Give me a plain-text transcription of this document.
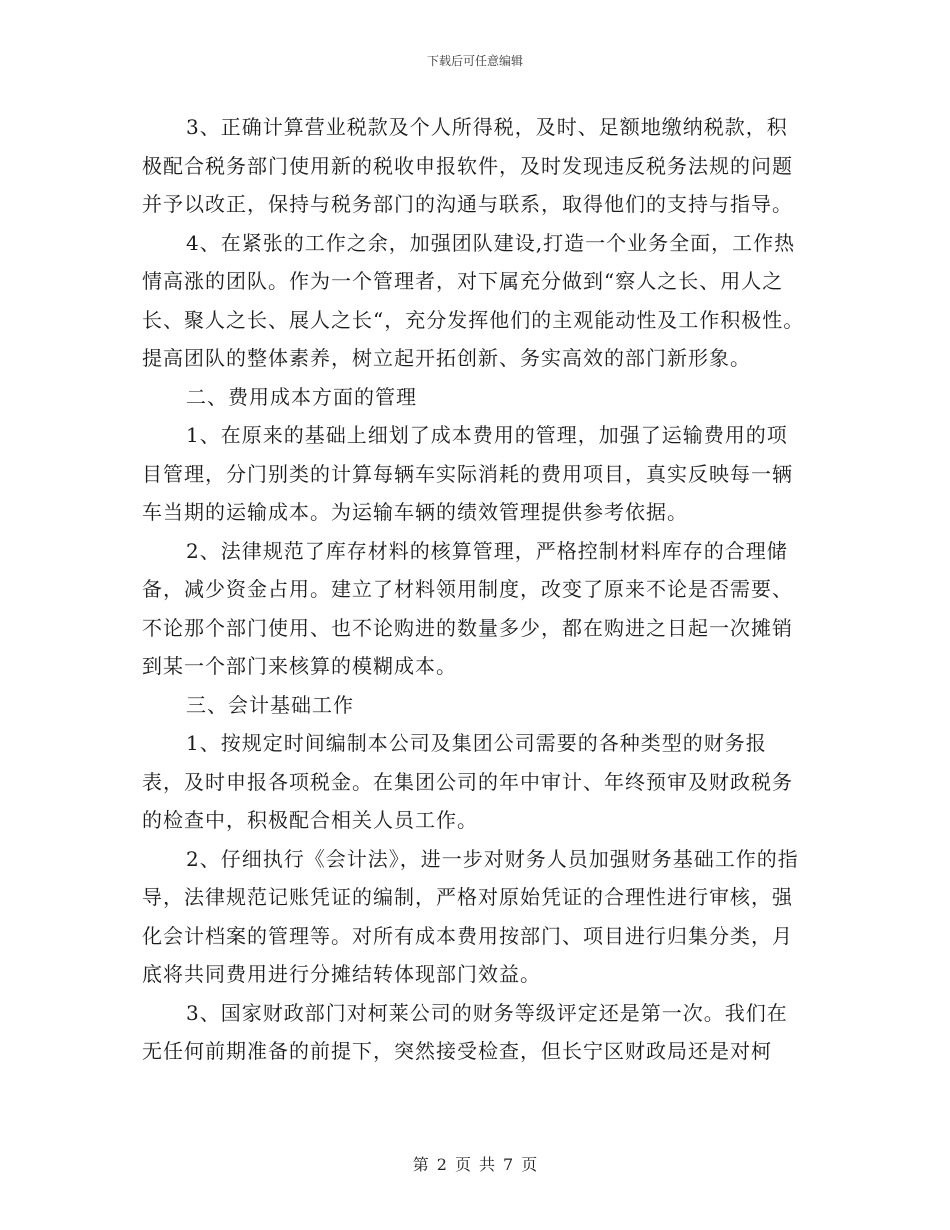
下载后可任意编辑

3、正确计算营业税款及个人所得税，及时、足额地缴纳税款，积极配合税务部门使用新的税收申报软件，及时发现违反税务法规的问题并予以改正，保持与税务部门的沟通与联系，取得他们的支持与指导。

4、在紧张的工作之余，加强团队建设,打造一个业务全面，工作热情高涨的团队。作为一个管理者，对下属充分做到“察人之长、用人之长、聚人之长、展人之长“，充分发挥他们的主观能动性及工作积极性。提高团队的整体素养，树立起开拓创新、务实高效的部门新形象。

二、费用成本方面的管理

1、在原来的基础上细划了成本费用的管理，加强了运输费用的项目管理，分门别类的计算每辆车实际消耗的费用项目，真实反映每一辆车当期的运输成本。为运输车辆的绩效管理提供参考依据。

2、法律规范了库存材料的核算管理，严格控制材料库存的合理储备，减少资金占用。建立了材料领用制度，改变了原来不论是否需要、不论那个部门使用、也不论购进的数量多少，都在购进之日起一次摊销到某一个部门来核算的模糊成本。

三、会计基础工作

1、按规定时间编制本公司及集团公司需要的各种类型的财务报表，及时申报各项税金。在集团公司的年中审计、年终预审及财政税务的检查中，积极配合相关人员工作。

2、仔细执行《会计法》，进一步对财务人员加强财务基础工作的指导，法律规范记账凭证的编制，严格对原始凭证的合理性进行审核，强化会计档案的管理等。对所有成本费用按部门、项目进行归集分类，月底将共同费用进行分摊结转体现部门效益。

3、国家财政部门对柯莱公司的财务等级评定还是第一次。我们在无任何前期准备的前提下，突然接受检查，但长宁区财政局还是对柯

第 2 页 共 7 页
